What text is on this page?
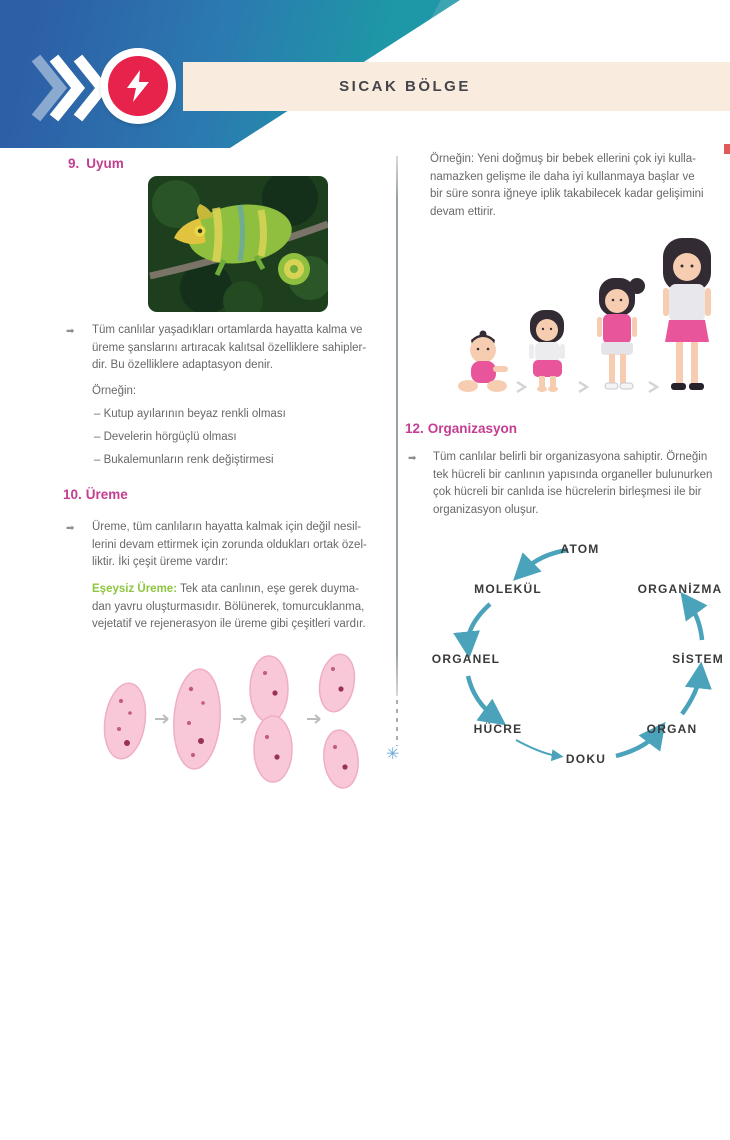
SICAK BÖLGE
✳
9. Uyum
➡ Tüm canlılar yaşadıkları ortamlarda hayatta kalma ve
üreme şanslarını artıracak kalıtsal özelliklere sahipler-
dir. Bu özelliklere adaptasyon denir.
Örneğin:
– Kutup ayılarının beyaz renkli olması
– Develerin hörgüçlü olması
– Bukalemunların renk değiştirmesi
10. Üreme
➡ Üreme, tüm canlıların hayatta kalmak için değil nesil-
lerini devam ettirmek için zorunda oldukları ortak özel-
liktir. İki çeşit üreme vardır:
Eşeysiz Üreme: Tek ata canlının, eşe gerek duyma-
dan yavru oluşturmasıdır. Bölünerek, tomurcuklanma,
vejetatif ve rejenerasyon ile üreme gibi çeşitleri vardır.
Örneğin: Yeni doğmuş bir bebek ellerini çok iyi kulla-
namazken gelişme ile daha iyi kullanmaya başlar ve
bir süre sonra iğneye iplik takabilecek kadar gelişimini
devam ettirir.
12. Organizasyon
➡ Tüm canlılar belirli bir organizasyona sahiptir. Örneğin
tek hücreli bir canlının yapısında organeller bulunurken
çok hücreli bir canlıda ise hücrelerin birleşmesi ile bir
organizasyon oluşur.
ATOM
MOLEKÜL	ORGANİZMA
ORGANEL	SİSTEM
HÜCRE	ORGAN
DOKU
